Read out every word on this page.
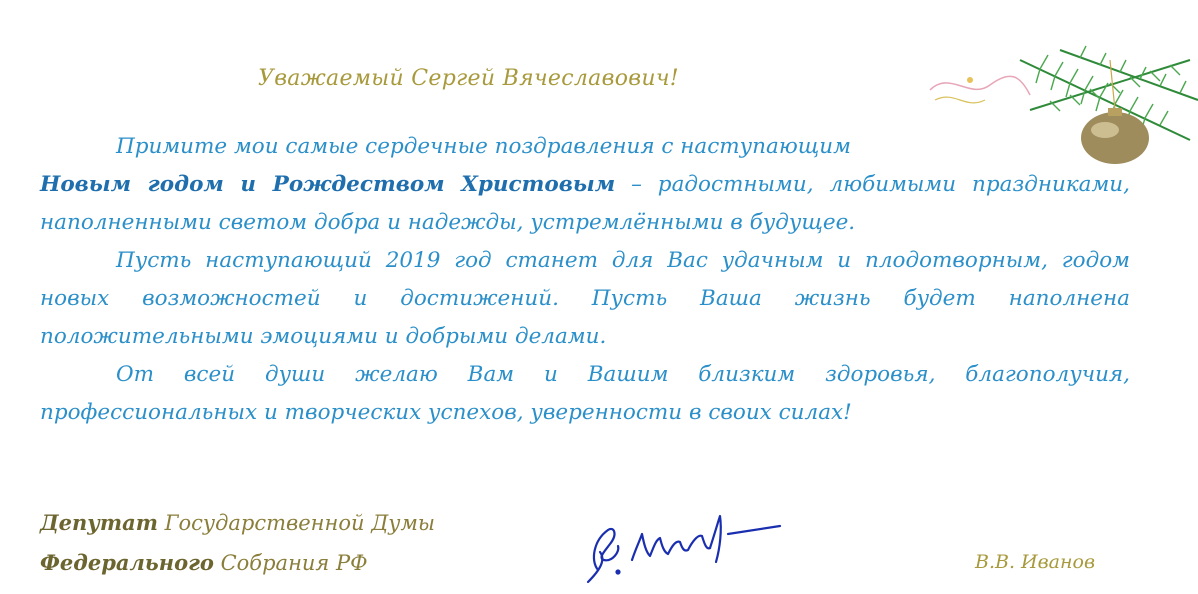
Уважаемый Сергей Вячеславович!

Примите мои самые сердечные поздравления с наступающим

Новым годом и Рождеством Христовым – радостными, любимыми праздниками, наполненными светом добра и надежды, устремлёнными в будущее.

Пусть наступающий 2019 год станет для Вас удачным и плодотворным, годом новых возможностей и достижений. Пусть Ваша жизнь будет наполнена положительными эмоциями и добрыми делами.

От всей души желаю Вам и Вашим близким здоровья, благополучия, профессиональных и творческих успехов, уверенности в своих силах!

Депутат Государственной Думы
Федерального Собрания РФ	В.В. Иванов
